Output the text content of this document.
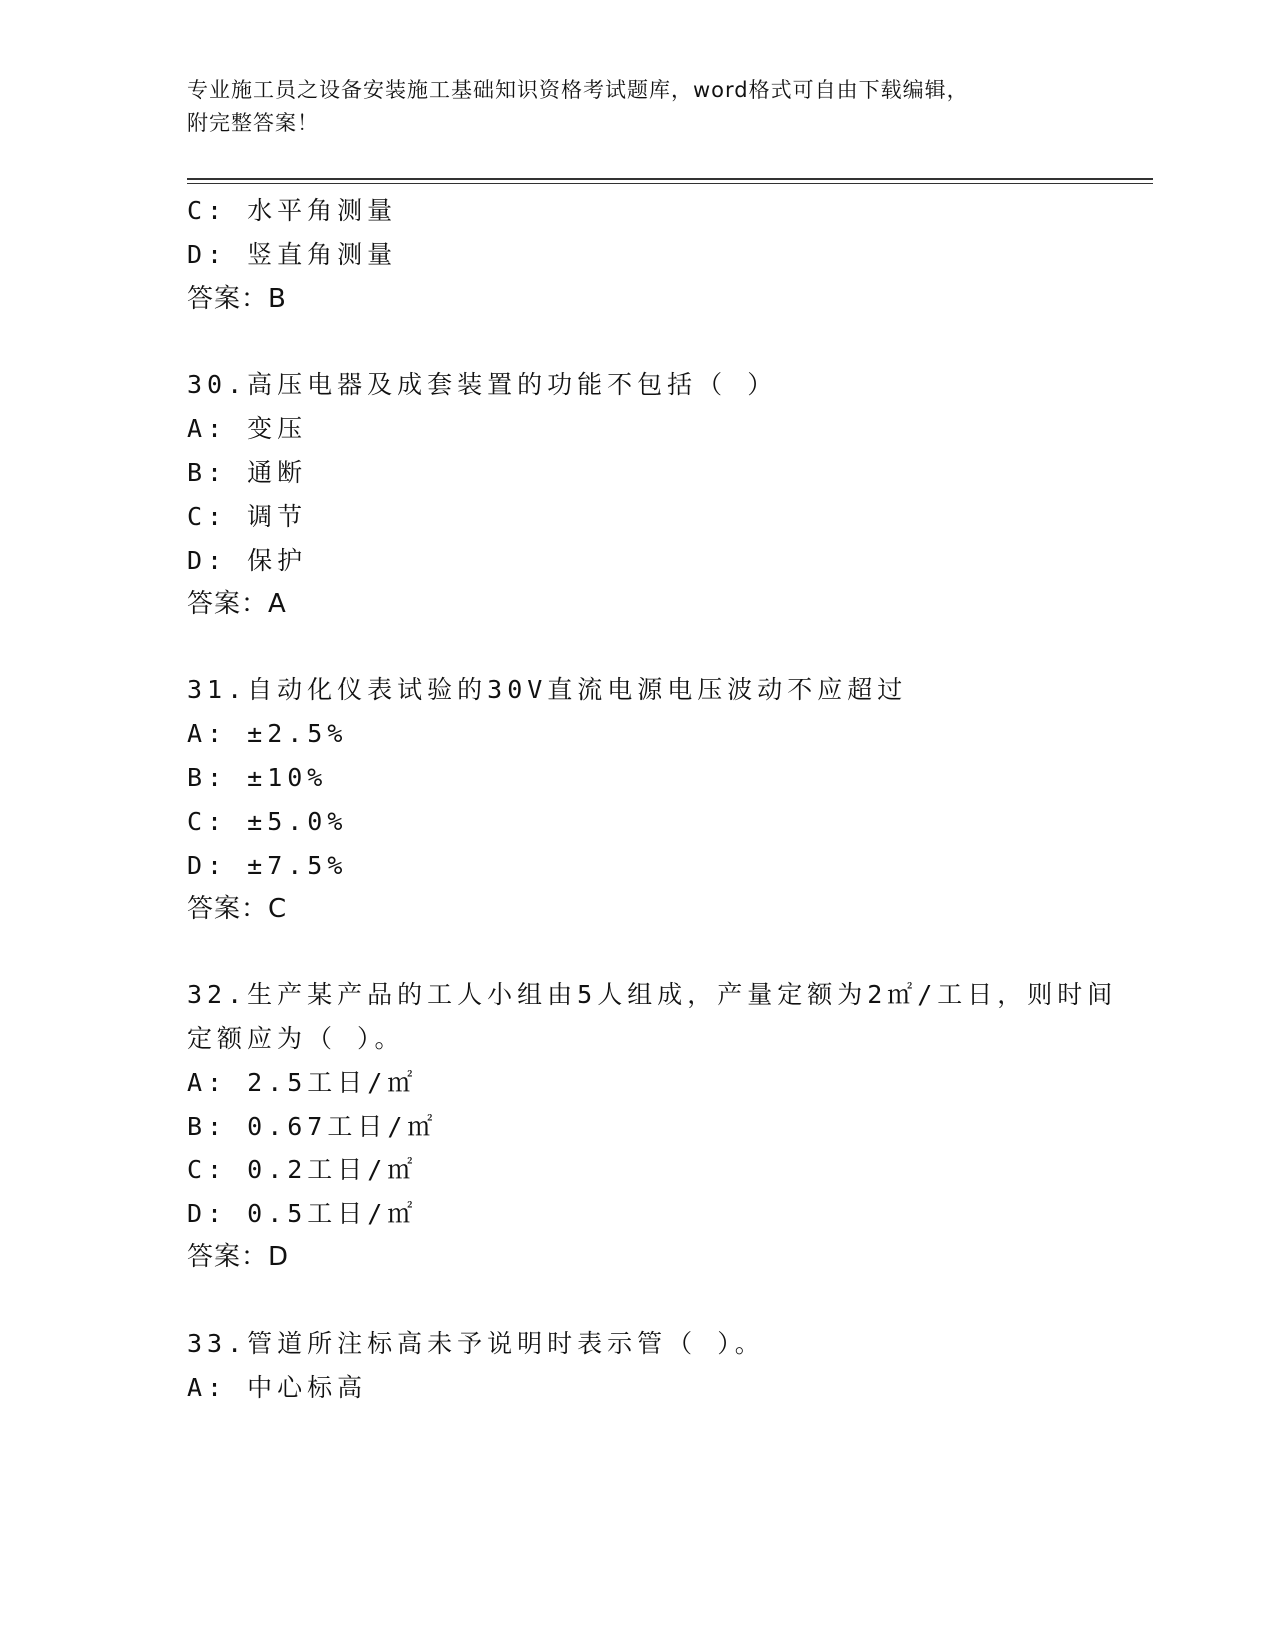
专业施工员之设备安装施工基础知识资格考试题库，word格式可自由下载编辑，
附完整答案！
C: 水平角测量
D: 竖直角测量
答案：B
30.高压电器及成套装置的功能不包括（ ）
A: 变压
B: 通断
C: 调节
D: 保护
答案：A
31.自动化仪表试验的30V直流电源电压波动不应超过
A: ±2.5%
B: ±10%
C: ±5.0%
D: ±7.5%
答案：C
32.生产某产品的工人小组由5人组成，产量定额为2㎡/工日，则时间
定额应为（ ）。
A: 2.5工日/㎡
B: 0.67工日/㎡
C: 0.2工日/㎡
D: 0.5工日/㎡
答案：D
33.管道所注标高未予说明时表示管（ ）。
A: 中心标高
